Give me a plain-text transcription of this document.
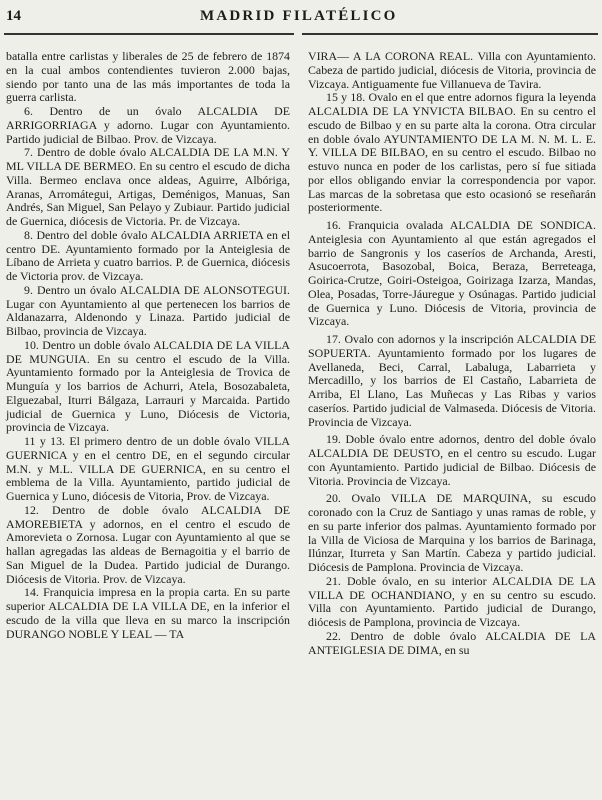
14	MADRID FILATÉLICO

batalla entre carlistas y liberales de 25 de febrero de 1874 en la cual ambos contendientes tuvieron 2.000 bajas, siendo por tanto una de las más importantes de toda la guerra carlista.

6. Dentro de un óvalo ALCALDIA DE ARRIGORRIAGA y adorno. Lugar con Ayuntamiento. Partido judicial de Bilbao. Prov. de Vizcaya.

7. Dentro de doble óvalo ALCALDIA DE LA M.N. Y ML VILLA DE BERMEO. En su centro el escudo de dicha Villa. Bermeo enclava once aldeas, Aguirre, Albóriga, Aranas, Arromátegui, Artigas, Deménigos, Manuas, San Andrés, San Miguel, San Pelayo y Zubiaur. Partido judicial de Guernica, diócesis de Victoria. Pr. de Vizcaya.

8. Dentro del doble óvalo ALCALDIA ARRIETA en el centro DE. Ayuntamiento formado por la Anteiglesia de Líbano de Arrieta y cuatro barrios. P. de Guernica, diócesis de Victoria prov. de Vizcaya.

9. Dentro un óvalo ALCALDIA DE ALONSOTEGUI. Lugar con Ayuntamiento al que pertenecen los barrios de Aldanazarra, Aldenondo y Linaza. Partido judicial de Bilbao, provincia de Vizcaya.

10. Dentro un doble óvalo ALCALDIA DE LA VILLA DE MUNGUIA. En su centro el escudo de la Villa. Ayuntamiento formado por la Anteiglesia de Trovica de Munguía y los barrios de Achurri, Atela, Bosozabaleta, Elguezabal, Iturri Bálgaza, Larrauri y Marcaida. Partido judicial de Guernica y Luno, Diócesis de Victoria, provincia de Vizcaya.

11 y 13. El primero dentro de un doble óvalo VILLA GUERNICA y en el centro DE, en el segundo circular M.N. y M.L. VILLA DE GUERNICA, en su centro el emblema de la Villa. Ayuntamiento, partido judicial de Guernica y Luno, diócesis de Vitoria, Prov. de Vizcaya.

12. Dentro de doble óvalo ALCALDIA DE AMOREBIETA y adornos, en el centro el escudo de Amorevieta o Zornosa. Lugar con Ayuntamiento al que se hallan agregadas las aldeas de Bernagoitia y el barrio de San Miguel de la Dudea. Partido judicial de Durango. Diócesis de Vitoria. Prov. de Vizcaya.

14. Franquicia impresa en la propia carta. En su parte superior ALCALDIA DE LA VILLA DE, en la inferior el escudo de la villa que lleva en su marco la inscripción DURANGO NOBLE Y LEAL — TA

VIRA— A LA CORONA REAL. Villa con Ayuntamiento. Cabeza de partido judicial, diócesis de Vitoria, provincia de Vizcaya. Antiguamente fue Villanueva de Tavira.

15 y 18. Ovalo en el que entre adornos figura la leyenda ALCALDIA DE LA YNVICTA BILBAO. En su centro el escudo de Bilbao y en su parte alta la corona. Otra circular en doble óvalo AYUNTAMIENTO DE LA M. N. M. L. E. Y. VILLA DE BILBAO, en su centro el escudo. Bilbao no estuvo nunca en poder de los carlistas, pero sí fue sitiada por ellos obligando enviar la correspondencia por vapor. Las marcas de la sobretasa que esto ocasionó se reseñarán posteriormente.

16. Franquicia ovalada ALCALDIA DE SONDICA. Anteiglesia con Ayuntamiento al que están agregados el barrio de Sangronis y los caseríos de Archanda, Aresti, Asucoerrota, Basozobal, Boica, Beraza, Berreteaga, Goirica-Crutze, Goiri-Osteigoa, Goirizaga Izarza, Mandas, Olea, Posadas, Torre-Jáuregue y Osúnagas. Partido judicial de Guernica y Luno. Diócesis de Vitoria, provincia de Vizcaya.

17. Ovalo con adornos y la inscripción ALCALDIA DE SOPUERTA. Ayuntamiento formado por los lugares de Avellaneda, Beci, Carral, Labaluga, Labarrieta y Mercadillo, y los barrios de El Castaño, Labarrieta de Arriba, El Llano, Las Muñecas y Las Ribas y varios caseríos. Partido judicial de Valmaseda. Diócesis de Vitoria. Provincia de Vizcaya.

19. Doble óvalo entre adornos, dentro del doble óvalo ALCALDIA DE DEUSTO, en el centro su escudo. Lugar con Ayuntamiento. Partido judicial de Bilbao. Diócesis de Vitoria. Provincia de Vizcaya.

20. Ovalo VILLA DE MARQUINA, su escudo coronado con la Cruz de Santiago y unas ramas de roble, y en su parte inferior dos palmas. Ayuntamiento formado por la Villa de Viciosa de Marquina y los barrios de Barinaga, Ilúnzar, Iturreta y San Martín. Cabeza y partido judicial. Diócesis de Pamplona. Provincia de Vizcaya.

21. Doble óvalo, en su interior ALCALDIA DE LA VILLA DE OCHANDIANO, y en su centro su escudo. Villa con Ayuntamiento. Partido judicial de Durango, diócesis de Pamplona, provincia de Vizcaya.

22. Dentro de doble óvalo ALCALDIA DE LA ANTEIGLESIA DE DIMA, en su
